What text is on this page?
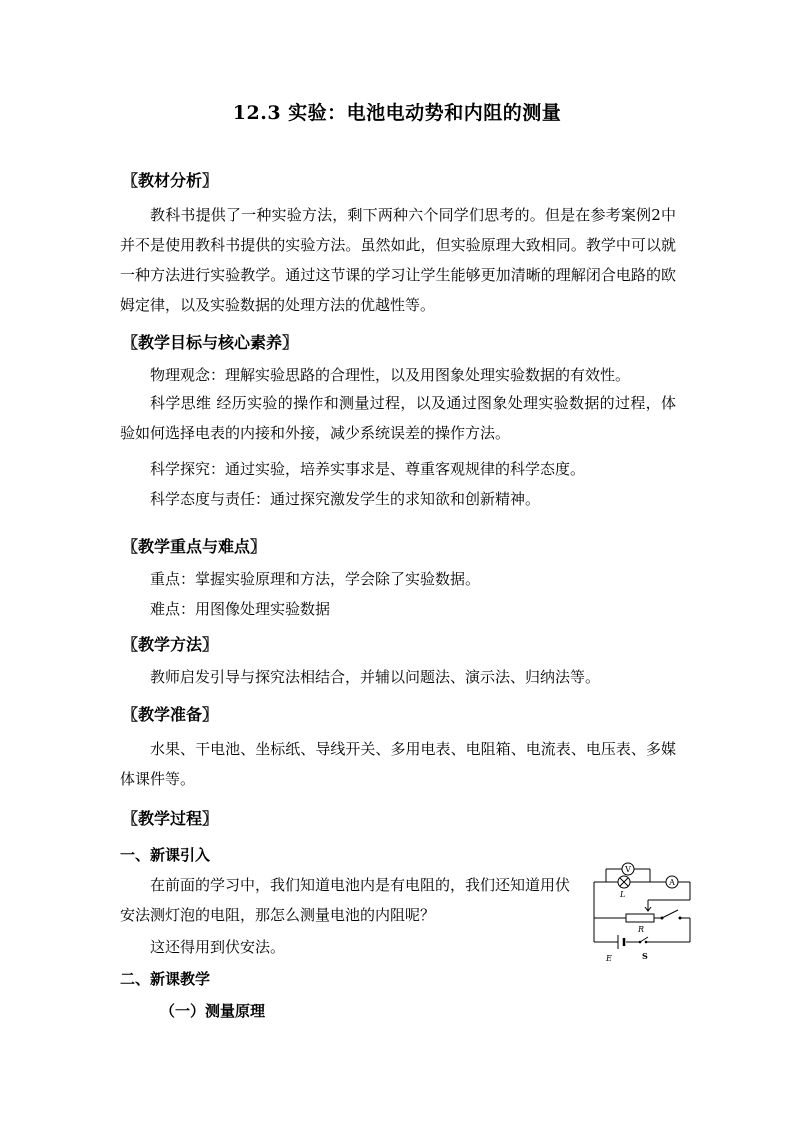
12.3 实验：电池电动势和内阻的测量
〖教材分析〗
教科书提供了一种实验方法，剩下两种六个同学们思考的。但是在参考案例2中并不是使用教科书提供的实验方法。虽然如此，但实验原理大致相同。教学中可以就一种方法进行实验教学。通过这节课的学习让学生能够更加清晰的理解闭合电路的欧姆定律，以及实验数据的处理方法的优越性等。
〖教学目标与核心素养〗
物理观念：理解实验思路的合理性，以及用图象处理实验数据的有效性。
科学思维 经历实验的操作和测量过程，以及通过图象处理实验数据的过程，体验如何选择电表的内接和外接，减少系统误差的操作方法。
科学探究：通过实验，培养实事求是、尊重客观规律的科学态度。
科学态度与责任：通过探究激发学生的求知欲和创新精神。
〖教学重点与难点〗
重点：掌握实验原理和方法，学会除了实验数据。
难点：用图像处理实验数据
〖教学方法〗
教师启发引导与探究法相结合，并辅以问题法、演示法、归纳法等。
〖教学准备〗
水果、干电池、坐标纸、导线开关、多用电表、电阻箱、电流表、电压表、多媒体课件等。
〖教学过程〗
一、新课引入
在前面的学习中，我们知道电池内是有电阻的，我们还知道用伏安法测灯泡的电阻，那怎么测量电池的内阻呢？
这还得用到伏安法。
二、新课教学
（一）测量原理
V
L
A
R
E	S
